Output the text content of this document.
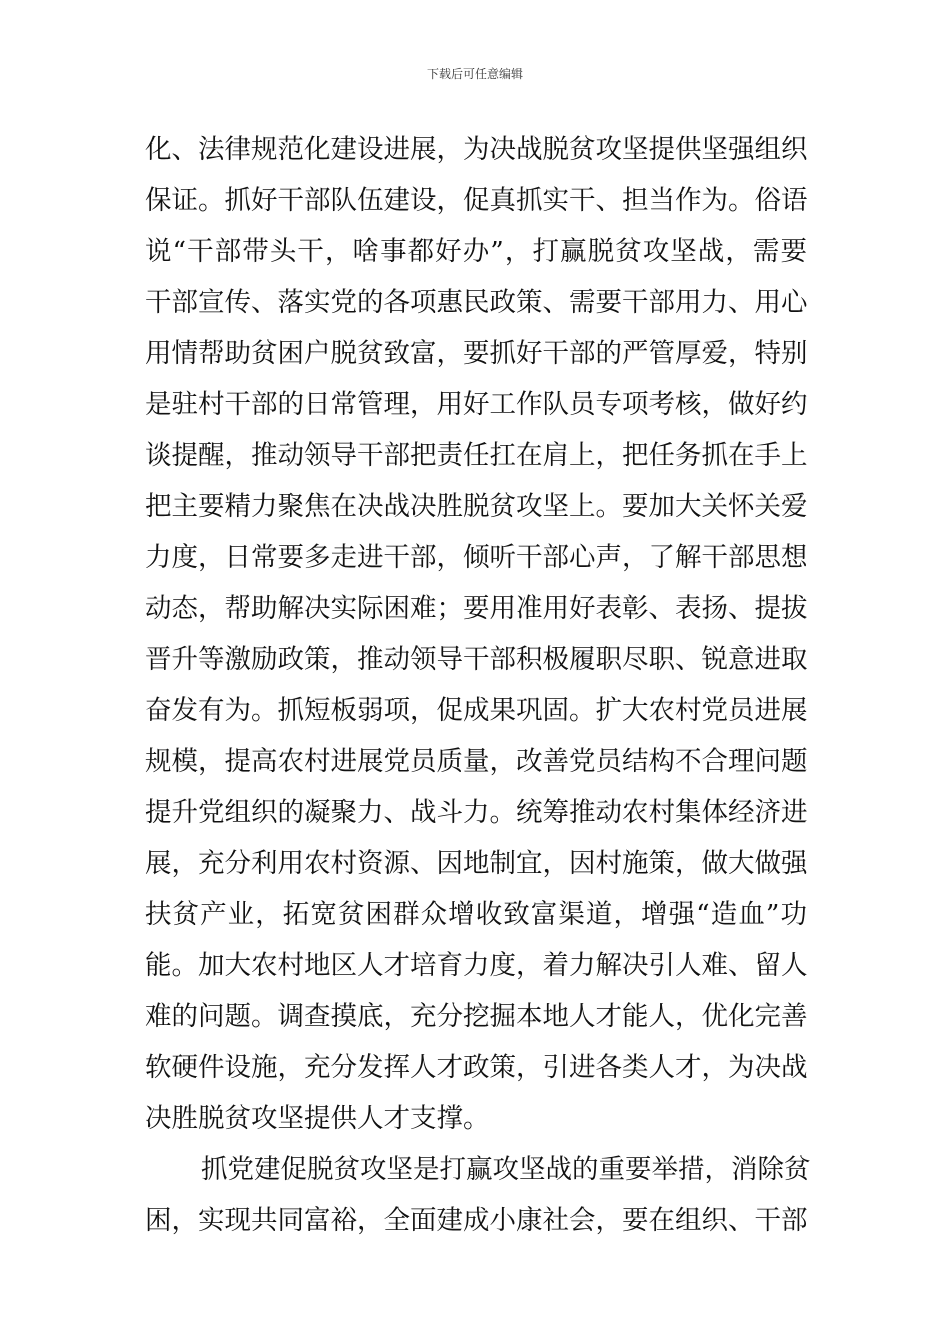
下载后可任意编辑
化、法律规范化建设进展，为决战脱贫攻坚提供坚强组织
保证。抓好干部队伍建设，促真抓实干、担当作为。俗语
说“干部带头干，啥事都好办”，打赢脱贫攻坚战，需要
干部宣传、落实党的各项惠民政策、需要干部用力、用心
用情帮助贫困户脱贫致富，要抓好干部的严管厚爱，特别
是驻村干部的日常管理，用好工作队员专项考核，做好约
谈提醒，推动领导干部把责任扛在肩上，把任务抓在手上
把主要精力聚焦在决战决胜脱贫攻坚上。要加大关怀关爱
力度，日常要多走进干部，倾听干部心声，了解干部思想
动态，帮助解决实际困难；要用准用好表彰、表扬、提拔
晋升等激励政策，推动领导干部积极履职尽职、锐意进取
奋发有为。抓短板弱项，促成果巩固。扩大农村党员进展
规模，提高农村进展党员质量，改善党员结构不合理问题
提升党组织的凝聚力、战斗力。统筹推动农村集体经济进
展，充分利用农村资源、因地制宜，因村施策，做大做强
扶贫产业，拓宽贫困群众增收致富渠道，增强“造血”功
能。加大农村地区人才培育力度，着力解决引人难、留人
难的问题。调查摸底，充分挖掘本地人才能人，优化完善
软硬件设施，充分发挥人才政策，引进各类人才，为决战
决胜脱贫攻坚提供人才支撑。
抓党建促脱贫攻坚是打赢攻坚战的重要举措，消除贫
困，实现共同富裕，全面建成小康社会，要在组织、干部
